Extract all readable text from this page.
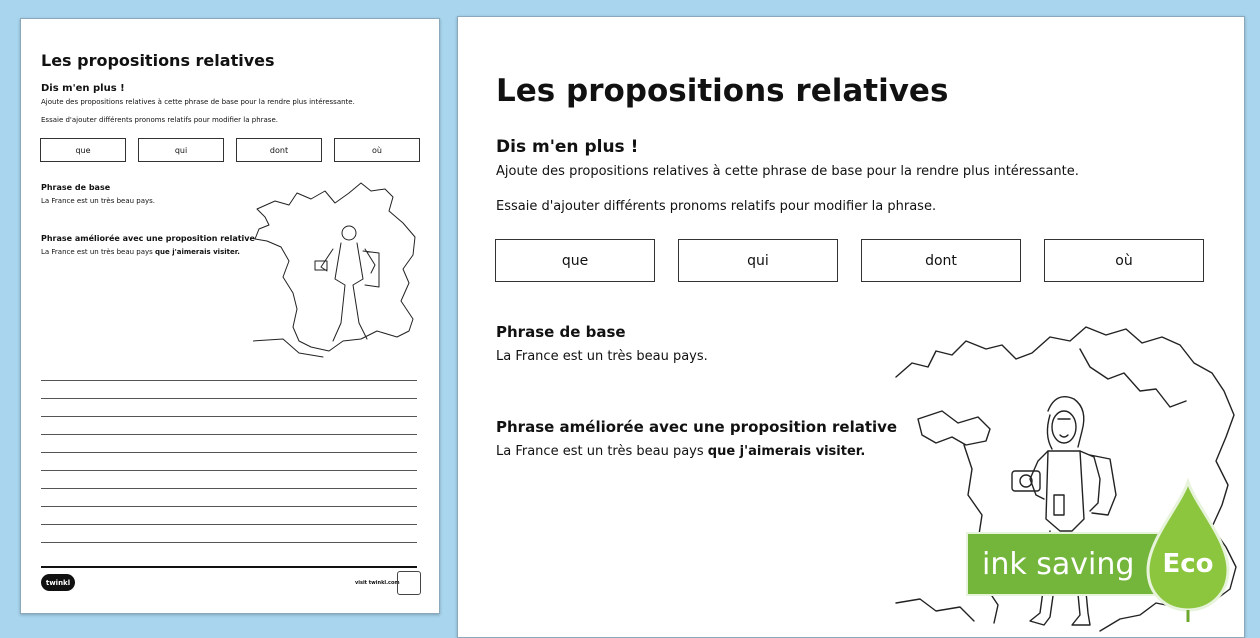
Les propositions relatives
Dis m'en plus !
Ajoute des propositions relatives à cette phrase de base pour la rendre plus intéressante.
Essaie d'ajouter différents pronoms relatifs pour modifier la phrase.
que	qui	dont	où
Phrase de base
La France est un très beau pays.
Phrase améliorée avec une proposition relative
La France est un très beau pays que j'aimerais visiter.
twinkl	visit twinkl.com
Les propositions relatives
Dis m'en plus !
Ajoute des propositions relatives à cette phrase de base pour la rendre plus intéressante.
Essaie d'ajouter différents pronoms relatifs pour modifier la phrase.
que	qui	dont	où
Phrase de base
La France est un très beau pays.
Phrase améliorée avec une proposition relative
La France est un très beau pays que j'aimerais visiter.
ink saving Eco
